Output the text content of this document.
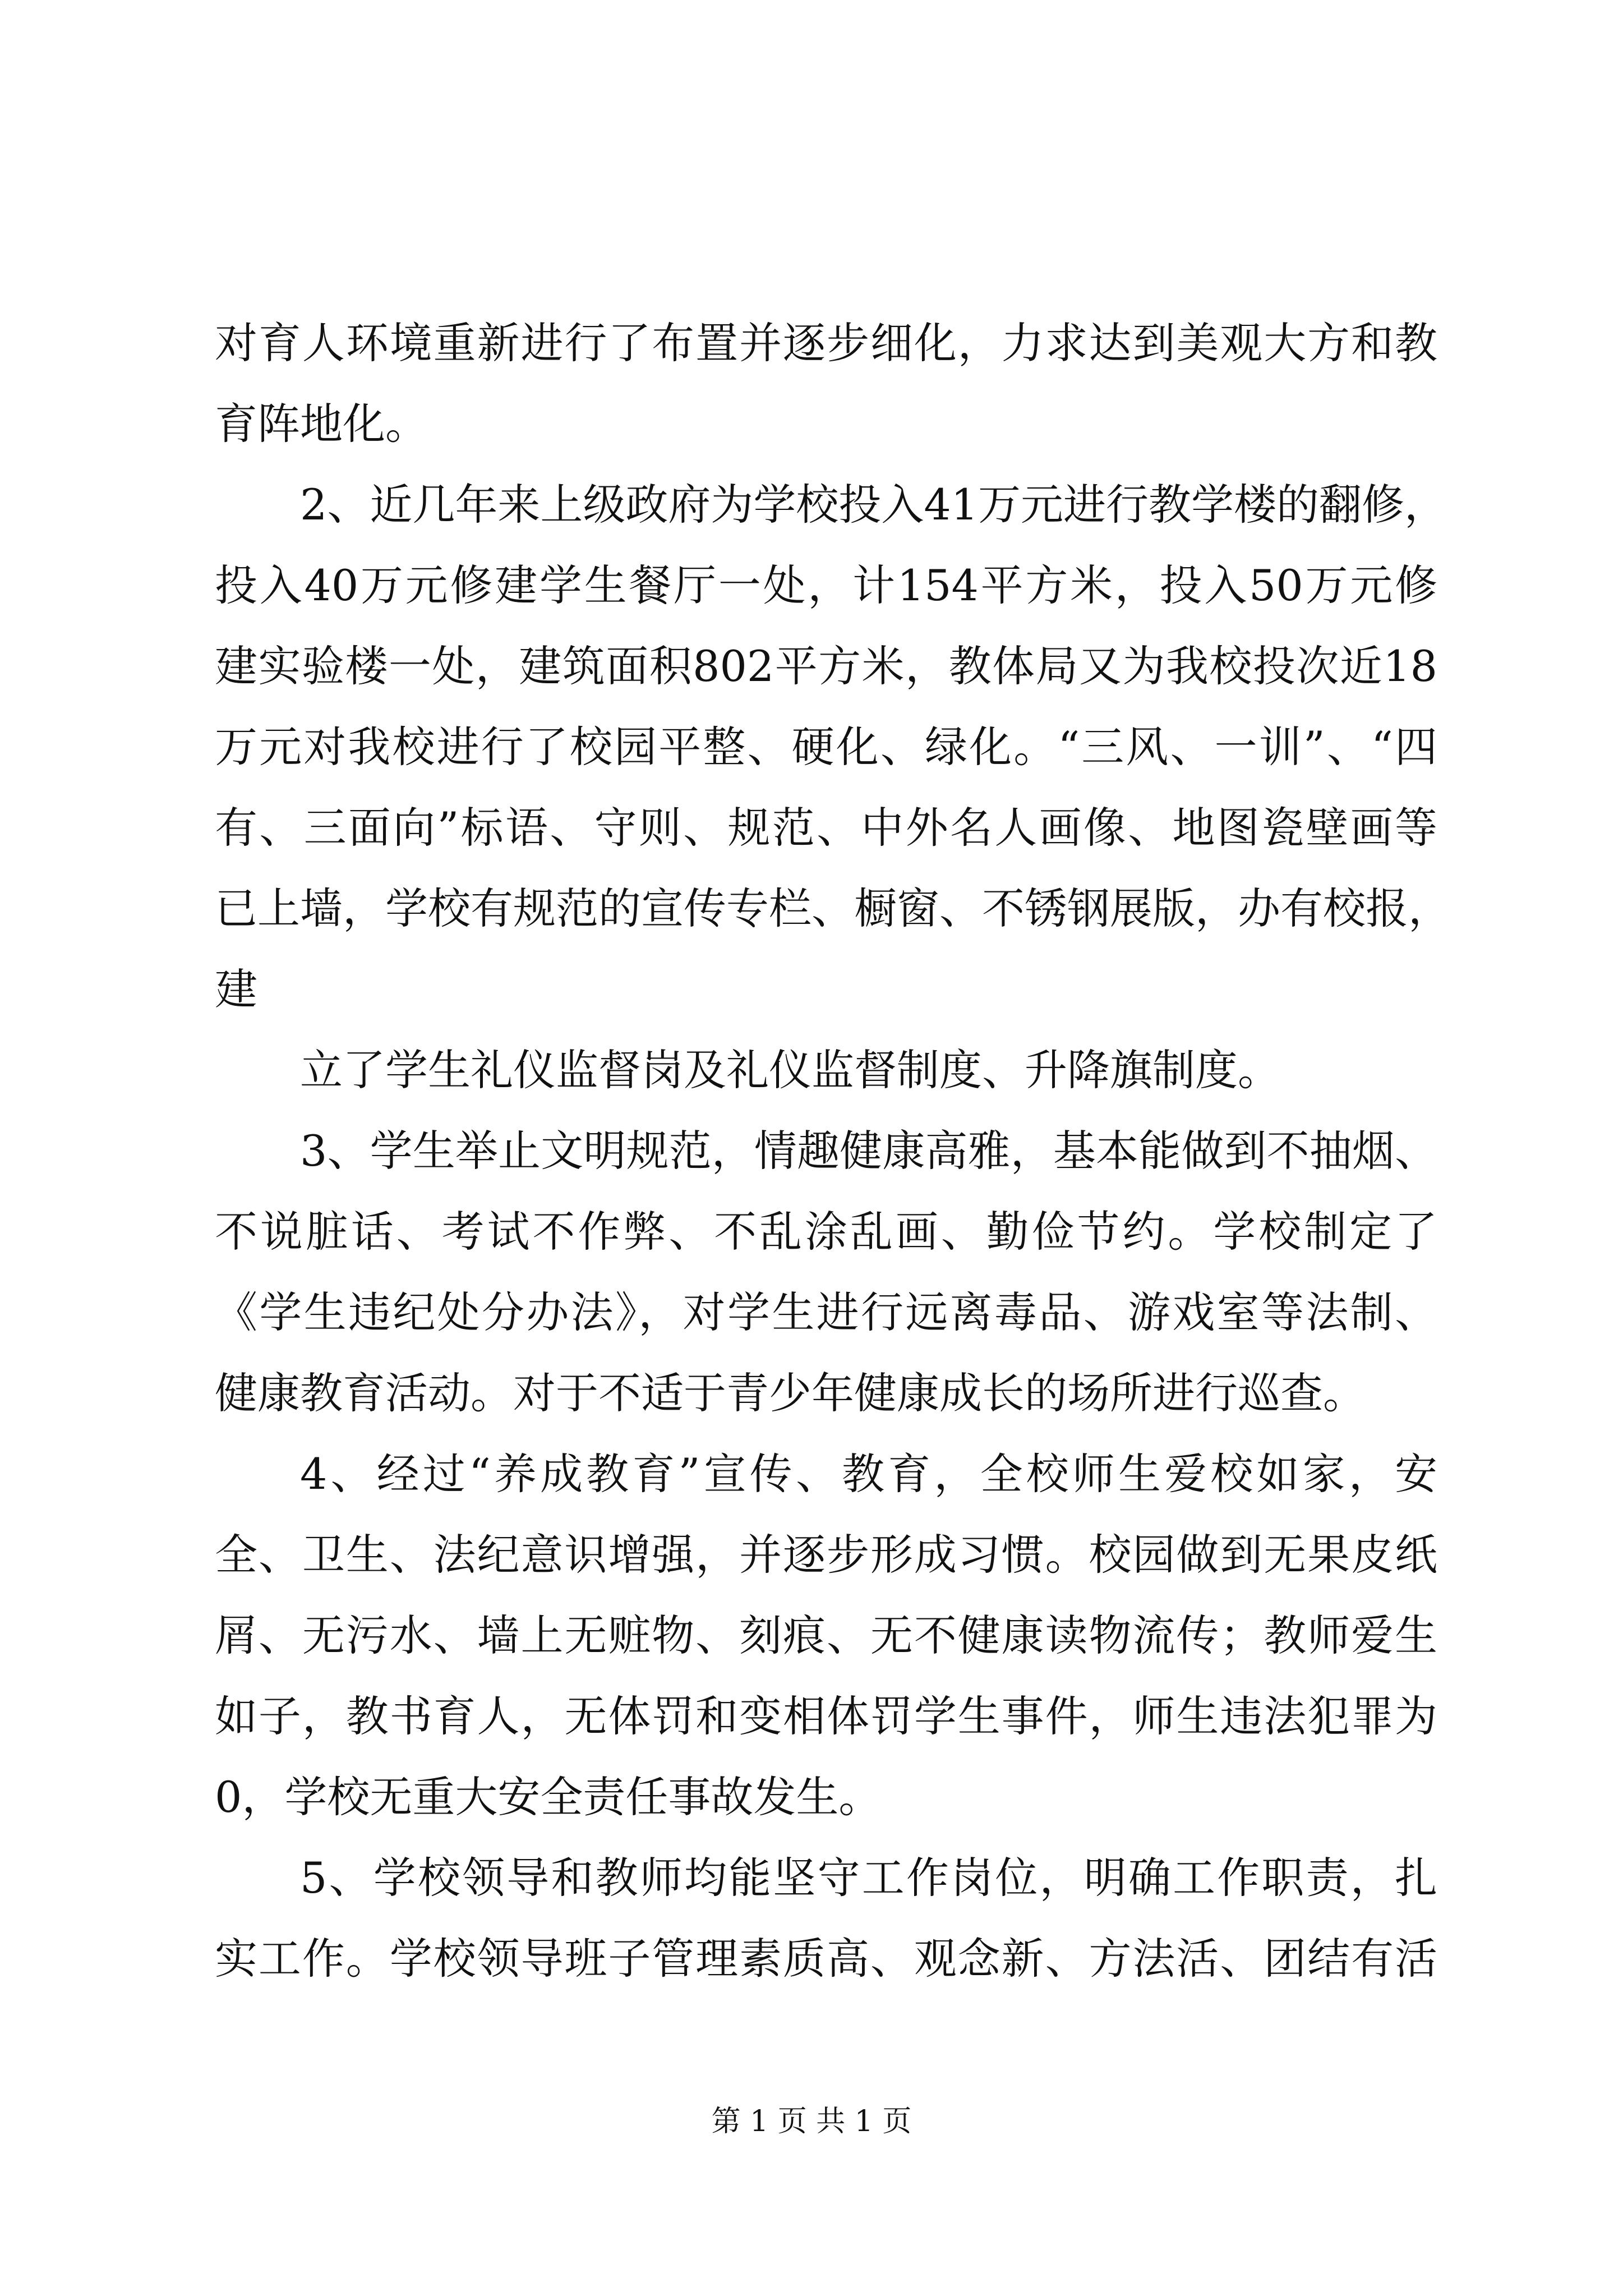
对育人环境重新进行了布置并逐步细化，力求达到美观大方和教
育阵地化。
2、近几年来上级政府为学校投入41万元进行教学楼的翻修，
投入40万元修建学生餐厅一处，计154平方米，投入50万元修
建实验楼一处，建筑面积802平方米，教体局又为我校投次近18
万元对我校进行了校园平整、硬化、绿化。“三风、一训”、“四
有、三面向”标语、守则、规范、中外名人画像、地图瓷壁画等
已上墙，学校有规范的宣传专栏、橱窗、不锈钢展版，办有校报，
建
立了学生礼仪监督岗及礼仪监督制度、升降旗制度。
3、学生举止文明规范，情趣健康高雅，基本能做到不抽烟、
不说脏话、考试不作弊、不乱涂乱画、勤俭节约。学校制定了
《学生违纪处分办法》，对学生进行远离毒品、游戏室等法制、
健康教育活动。对于不适于青少年健康成长的场所进行巡查。
4、经过“养成教育”宣传、教育，全校师生爱校如家，安
全、卫生、法纪意识增强，并逐步形成习惯。校园做到无果皮纸
屑、无污水、墙上无赃物、刻痕、无不健康读物流传；教师爱生
如子，教书育人，无体罚和变相体罚学生事件，师生违法犯罪为
0，学校无重大安全责任事故发生。
5、学校领导和教师均能坚守工作岗位，明确工作职责，扎
实工作。学校领导班子管理素质高、观念新、方法活、团结有活
第 1 页 共 1 页
